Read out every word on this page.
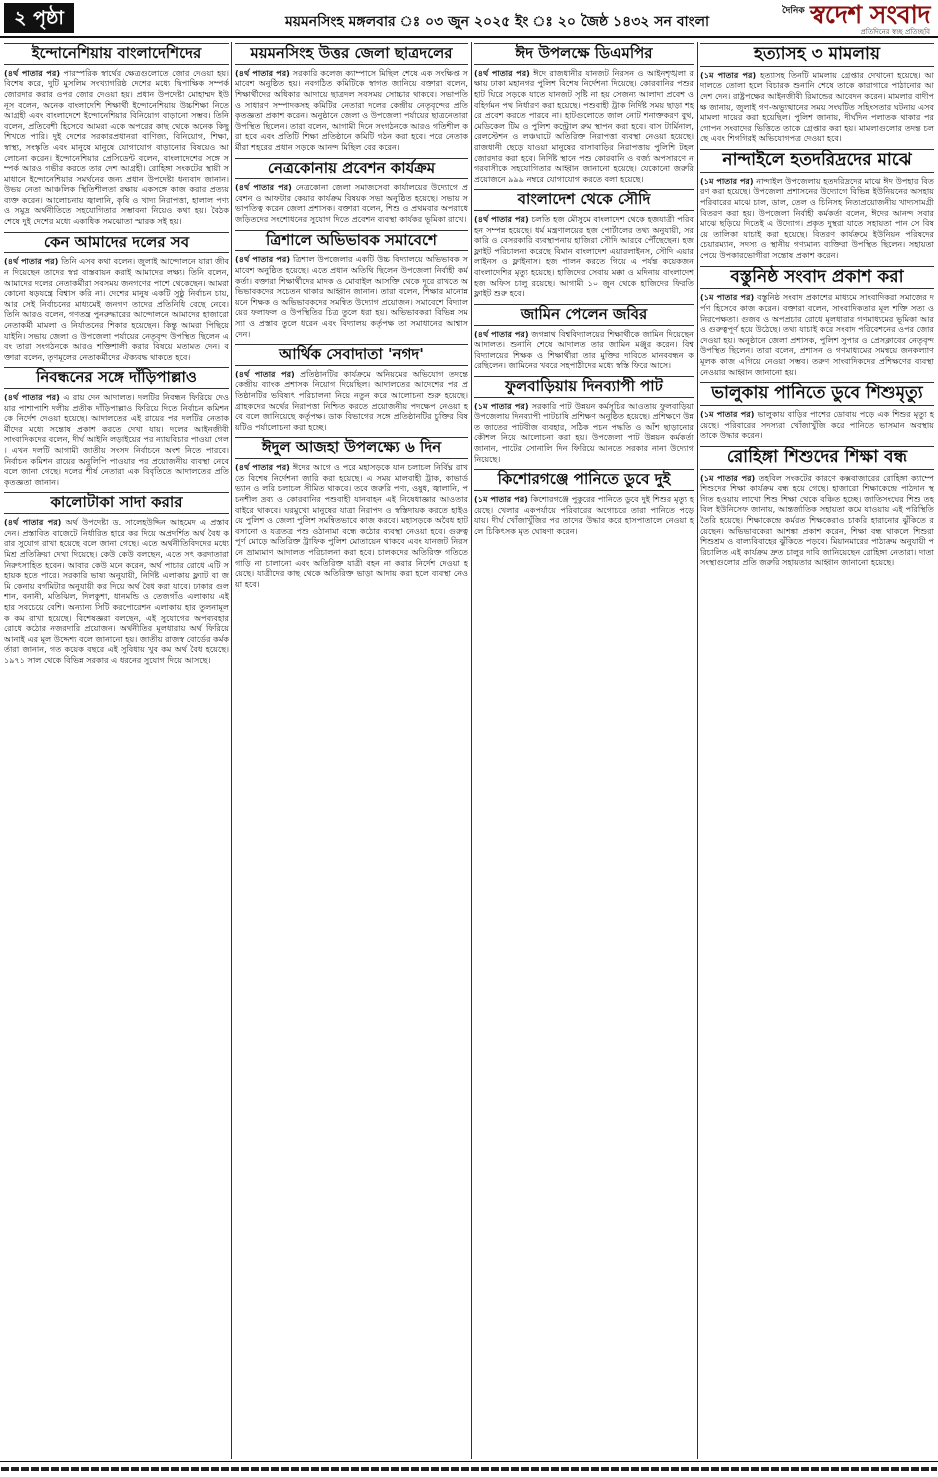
২ পৃষ্ঠা	ময়মনসিংহ মঙ্গলবার ঃ ০৩ জুন ২০২৫ ইং ঃ ২০ জৈষ্ঠ ১৪৩২ সন বাংলা
দৈনিক স্বদেশ সংবাদ
প্রতিদিনের স্বচ্ছ প্রতিচ্ছবি
ইন্দোনেশিয়ায় বাংলাদেশিদের

(৪র্থ পাতার পর) পারস্পরিক স্বার্থের ক্ষেত্রগুলোতে জোর দেওয়া হয়। বিশেষ করে, দুটি মুসলিম সংখ্যাগরিষ্ঠ দেশের মধ্যে দ্বিপাক্ষিক সম্পর্ক জোরদার করার ওপর জোর দেওয়া হয়। প্রধান উপদেষ্টা মোহাম্মদ ইউনূস বলেন, অনেক বাংলাদেশি শিক্ষার্থী ইন্দোনেশিয়ায় উচ্চশিক্ষা নিতে আগ্রহী এবং বাংলাদেশে ইন্দোনেশিয়ার বিনিয়োগ বাড়ানো সম্ভব। তিনি বলেন, প্রতিবেশী হিসেবে আমরা একে অপরের কাছ থেকে অনেক কিছু শিখতে পারি। দুই দেশের সরকারপ্রধানরা বাণিজ্য, বিনিয়োগ, শিক্ষা, স্বাস্থ্য, সংস্কৃতি এবং মানুষে মানুষে যোগাযোগ বাড়ানোর বিষয়েও আলোচনা করেন। ইন্দোনেশিয়ার প্রেসিডেন্ট বলেন, বাংলাদেশের সঙ্গে সম্পর্ক আরও গভীর করতে তার দেশ আগ্রহী। রোহিঙ্গা সংকটের স্থায়ী সমাধানে ইন্দোনেশিয়ার সমর্থনের জন্য প্রধান উপদেষ্টা ধন্যবাদ জানান। উভয় নেতা আঞ্চলিক স্থিতিশীলতা রক্ষায় একসঙ্গে কাজ করার প্রত্যয় ব্যক্ত করেন। আলোচনায় জ্বালানি, কৃষি ও খাদ্য নিরাপত্তা, হালাল পণ্য ও সমুদ্র অর্থনীতিতে সহযোগিতার সম্ভাবনা নিয়েও কথা হয়। বৈঠক শেষে দুই দেশের মধ্যে একাধিক সমঝোতা স্মারক সই হয়।

কেন আমাদের দলের সব

(৪র্থ পাতার পর) তিনি এসব কথা বলেন। জুলাই আন্দোলনে যারা জীবন দিয়েছেন তাদের স্বপ্ন বাস্তবায়ন করাই আমাদের লক্ষ্য। তিনি বলেন, আমাদের দলের নেতাকর্মীরা সবসময় জনগণের পাশে থেকেছেন। আমরা কোনো ষড়যন্ত্রে বিশ্বাস করি না। দেশের মানুষ একটি সুষ্ঠু নির্বাচন চায়, আর সেই নির্বাচনের মাধ্যমেই জনগণ তাদের প্রতিনিধি বেছে নেবে। তিনি আরও বলেন, গণতন্ত্র পুনরুদ্ধারের আন্দোলনে আমাদের হাজারো নেতাকর্মী মামলা ও নির্যাতনের শিকার হয়েছেন। কিন্তু আমরা পিছিয়ে যাইনি। সভায় জেলা ও উপজেলা পর্যায়ের নেতৃবৃন্দ উপস্থিত ছিলেন এবং তারা সংগঠনকে আরও শক্তিশালী করার বিষয়ে মতামত দেন। বক্তারা বলেন, তৃণমূলের নেতাকর্মীদের ঐক্যবদ্ধ থাকতে হবে।

নিবন্ধনের সঙ্গে দাঁড়িপাল্লাও

(৪র্থ পাতার পর) এ রায় দেন আদালত। দলটির নিবন্ধন ফিরিয়ে দেওয়ার পাশাপাশি দলীয় প্রতীক দাঁড়িপাল্লাও ফিরিয়ে দিতে নির্বাচন কমিশনকে নির্দেশ দেওয়া হয়েছে। আদালতের এই রায়ের পর দলটির নেতাকর্মীদের মধ্যে সন্তোষ প্রকাশ করতে দেখা যায়। দলের আইনজীবী সাংবাদিকদের বলেন, দীর্ঘ আইনি লড়াইয়ের পর ন্যায়বিচার পাওয়া গেল। এখন দলটি আগামী জাতীয় সংসদ নির্বাচনে অংশ নিতে পারবে। নির্বাচন কমিশন রায়ের অনুলিপি পাওয়ার পর প্রয়োজনীয় ব্যবস্থা নেবে বলে জানা গেছে। দলের শীর্ষ নেতারা এক বিবৃতিতে আদালতের প্রতি কৃতজ্ঞতা জানান।

কালোটাকা সাদা করার

(৪র্থ পাতার পর) অর্থ উপদেষ্টা ড. সালেহউদ্দিন আহমেদ এ প্রস্তাব দেন। প্রস্তাবিত বাজেটে নির্ধারিত হারে কর দিয়ে অপ্রদর্শিত অর্থ বৈধ করার সুযোগ রাখা হয়েছে বলে জানা গেছে। এতে অর্থনীতিবিদদের মধ্যে মিশ্র প্রতিক্রিয়া দেখা দিয়েছে। কেউ কেউ বলছেন, এতে সৎ করদাতারা নিরুৎসাহিত হবেন। আবার কেউ মনে করেন, অর্থ পাচার রোধে এটি সহায়ক হতে পারে। সরকারি ভাষ্য অনুযায়ী, নির্দিষ্ট এলাকায় ফ্ল্যাট বা জমি কেনায় বর্গমিটার অনুযায়ী কর দিয়ে অর্থ বৈধ করা যাবে। ঢাকার গুলশান, বনানী, মতিঝিল, দিলকুশা, ধানমন্ডি ও তেজগাঁও এলাকায় এই হার সবচেয়ে বেশি। অন্যান্য সিটি করপোরেশন এলাকায় হার তুলনামূলক কম রাখা হয়েছে। বিশেষজ্ঞরা বলছেন, এই সুযোগের অপব্যবহার রোধে কঠোর নজরদারি প্রয়োজন। অর্থনীতির মূলধারায় অর্থ ফিরিয়ে আনাই এর মূল উদ্দেশ্য বলে জানানো হয়। জাতীয় রাজস্ব বোর্ডের কর্মকর্তারা জানান, গত কয়েক বছরে এই সুবিধায় খুব কম অর্থ বৈধ হয়েছে। ১৯৭১ সাল থেকে বিভিন্ন সরকার এ ধরনের সুযোগ দিয়ে আসছে।

ময়মনসিংহ উত্তর জেলা ছাত্রদলের

(৪র্থ পাতার পর) সরকারি কলেজ ক্যাম্পাসে মিছিল শেষে এক সংক্ষিপ্ত সমাবেশ অনুষ্ঠিত হয়। নবগঠিত কমিটিকে স্বাগত জানিয়ে বক্তারা বলেন, শিক্ষার্থীদের অধিকার আদায়ে ছাত্রদল সবসময় সোচ্চার থাকবে। সভাপতি ও সাধারণ সম্পাদকসহ কমিটির নেতারা দলের কেন্দ্রীয় নেতৃবৃন্দের প্রতি কৃতজ্ঞতা প্রকাশ করেন। অনুষ্ঠানে জেলা ও উপজেলা পর্যায়ের ছাত্রনেতারা উপস্থিত ছিলেন। তারা বলেন, আগামী দিনে সংগঠনকে আরও গতিশীল করা হবে এবং প্রতিটি শিক্ষা প্রতিষ্ঠানে কমিটি গঠন করা হবে। পরে নেতাকর্মীরা শহরের প্রধান সড়কে আনন্দ মিছিল বের করেন।

নেত্রকোনায় প্রবেশন কার্যক্রম

(৪র্থ পাতার পর) নেত্রকোনা জেলা সমাজসেবা কার্যালয়ের উদ্যোগে প্রবেশন ও আফটার কেয়ার কার্যক্রম বিষয়ক সভা অনুষ্ঠিত হয়েছে। সভায় সভাপতিত্ব করেন জেলা প্রশাসক। বক্তারা বলেন, শিশু ও প্রথমবার অপরাধে জড়িতদের সংশোধনের সুযোগ দিতে প্রবেশন ব্যবস্থা কার্যকর ভূমিকা রাখে।

ত্রিশালে অভিভাবক সমাবেশে

(৪র্থ পাতার পর) ত্রিশাল উপজেলার একটি উচ্চ বিদ্যালয়ে অভিভাবক সমাবেশ অনুষ্ঠিত হয়েছে। এতে প্রধান অতিথি ছিলেন উপজেলা নির্বাহী কর্মকর্তা। বক্তারা শিক্ষার্থীদের মাদক ও মোবাইল আসক্তি থেকে দূরে রাখতে অভিভাবকদের সচেতন থাকার আহ্বান জানান। তারা বলেন, শিক্ষার মানোন্নয়নে শিক্ষক ও অভিভাবকদের সমন্বিত উদ্যোগ প্রয়োজন। সমাবেশে বিদ্যালয়ের ফলাফল ও উপস্থিতির চিত্র তুলে ধরা হয়। অভিভাবকরা বিভিন্ন সমস্যা ও প্রস্তাব তুলে ধরেন এবং বিদ্যালয় কর্তৃপক্ষ তা সমাধানের আশ্বাস দেন।

আর্থিক সেবাদাতা 'নগদ'

(৪র্থ পাতার পর) প্রতিষ্ঠানটির কার্যক্রমে অনিয়মের অভিযোগ তদন্তে কেন্দ্রীয় ব্যাংক প্রশাসক নিয়োগ দিয়েছিল। আদালতের আদেশের পর প্রতিষ্ঠানটির ভবিষ্যৎ পরিচালনা নিয়ে নতুন করে আলোচনা শুরু হয়েছে। গ্রাহকদের অর্থের নিরাপত্তা নিশ্চিত করতে প্রয়োজনীয় পদক্ষেপ নেওয়া হবে বলে জানিয়েছে কর্তৃপক্ষ। ডাক বিভাগের সঙ্গে প্রতিষ্ঠানটির চুক্তির বিষয়টিও পর্যালোচনা করা হচ্ছে।

ঈদুল আজহা উপলক্ষ্যে ৬ দিন

(৪র্থ পাতার পর) ঈদের আগে ও পরে মহাসড়কে যান চলাচল নির্বিঘ্ন রাখতে বিশেষ নির্দেশনা জারি করা হয়েছে। এ সময় মালবাহী ট্রাক, কাভার্ডভ্যান ও লরি চলাচল সীমিত থাকবে। তবে জরুরি পণ্য, ওষুধ, জ্বালানি, পচনশীল দ্রব্য ও কোরবানির পশুবাহী যানবাহন এই নিষেধাজ্ঞার আওতার বাইরে থাকবে। ঘরমুখো মানুষের যাত্রা নিরাপদ ও স্বস্তিদায়ক করতে হাইওয়ে পুলিশ ও জেলা পুলিশ সমন্বিতভাবে কাজ করবে। মহাসড়কে অবৈধ হাট বসানো ও যত্রতত্র পশু ওঠানামা বন্ধে কঠোর ব্যবস্থা নেওয়া হবে। গুরুত্বপূর্ণ মোড়ে অতিরিক্ত ট্রাফিক পুলিশ মোতায়েন থাকবে এবং যানজট নিরসনে ভ্রাম্যমাণ আদালত পরিচালনা করা হবে। চালকদের অতিরিক্ত গতিতে গাড়ি না চালানো এবং অতিরিক্ত যাত্রী বহন না করার নির্দেশ দেওয়া হয়েছে। যাত্রীদের কাছ থেকে অতিরিক্ত ভাড়া আদায় করা হলে ব্যবস্থা নেওয়া হবে।

ঈদ উপলক্ষে ডিএমপির

(৪র্থ পাতার পর) ঈদে রাজধানীর যানজট নিরসন ও আইনশৃঙ্খলা রক্ষায় ঢাকা মহানগর পুলিশ বিশেষ নির্দেশনা দিয়েছে। কোরবানির পশুর হাট ঘিরে সড়কে যাতে যানজট সৃষ্টি না হয় সেজন্য আলাদা প্রবেশ ও বহির্গমন পথ নির্ধারণ করা হয়েছে। পশুবাহী ট্রাক নির্দিষ্ট সময় ছাড়া শহরে প্রবেশ করতে পারবে না। হাটগুলোতে জাল নোট শনাক্তকরণ বুথ, মেডিকেল টিম ও পুলিশ কন্ট্রোল রুম স্থাপন করা হবে। বাস টার্মিনাল, রেলস্টেশন ও লঞ্চঘাটে অতিরিক্ত নিরাপত্তা ব্যবস্থা নেওয়া হয়েছে। রাজধানী ছেড়ে যাওয়া মানুষের বাসাবাড়ির নিরাপত্তায় পুলিশি টহল জোরদার করা হবে। নির্দিষ্ট স্থানে পশু কোরবানি ও বর্জ্য অপসারণে নগরবাসীকে সহযোগিতার আহ্বান জানানো হয়েছে। যেকোনো জরুরি প্রয়োজনে ৯৯৯ নম্বরে যোগাযোগ করতে বলা হয়েছে।

বাংলাদেশ থেকে সৌদি

(৪র্থ পাতার পর) চলতি হজ মৌসুমে বাংলাদেশ থেকে হজযাত্রী পরিবহন সম্পন্ন হয়েছে। ধর্ম মন্ত্রণালয়ের হজ পোর্টালের তথ্য অনুযায়ী, সরকারি ও বেসরকারি ব্যবস্থাপনায় হাজিরা সৌদি আরবে পৌঁছেছেন। হজ ফ্লাইট পরিচালনা করেছে বিমান বাংলাদেশ এয়ারলাইনস, সৌদি এয়ারলাইনস ও ফ্লাইনাস। হজ পালন করতে গিয়ে এ পর্যন্ত কয়েকজন বাংলাদেশির মৃত্যু হয়েছে। হাজিদের সেবায় মক্কা ও মদিনায় বাংলাদেশ হজ অফিস চালু রয়েছে। আগামী ১০ জুন থেকে হাজিদের ফিরতি ফ্লাইট শুরু হবে।

জামিন পেলেন জবির

(৪র্থ পাতার পর) জগন্নাথ বিশ্ববিদ্যালয়ের শিক্ষার্থীকে জামিন দিয়েছেন আদালত। শুনানি শেষে আদালত তার জামিন মঞ্জুর করেন। বিশ্ববিদ্যালয়ের শিক্ষক ও শিক্ষার্থীরা তার মুক্তির দাবিতে মানববন্ধন করেছিলেন। জামিনের খবরে সহপাঠীদের মধ্যে স্বস্তি ফিরে আসে।

ফুলবাড়িয়ায় দিনব্যাপী পাট

(১ম পাতার পর) সরকারি পাট উন্নয়ন কর্মসূচির আওতায় ফুলবাড়িয়া উপজেলায় দিনব্যাপী পাটচাষি প্রশিক্ষণ অনুষ্ঠিত হয়েছে। প্রশিক্ষণে উন্নত জাতের পাটবীজ ব্যবহার, সঠিক পচন পদ্ধতি ও আঁশ ছাড়ানোর কৌশল নিয়ে আলোচনা করা হয়। উপজেলা পাট উন্নয়ন কর্মকর্তা জানান, পাটের সোনালি দিন ফিরিয়ে আনতে সরকার নানা উদ্যোগ নিয়েছে।

কিশোরগঞ্জে পানিতে ডুবে দুই

(১ম পাতার পর) কিশোরগঞ্জে পুকুরের পানিতে ডুবে দুই শিশুর মৃত্যু হয়েছে। খেলার একপর্যায়ে পরিবারের অগোচরে তারা পানিতে পড়ে যায়। দীর্ঘ খোঁজাখুঁজির পর তাদের উদ্ধার করে হাসপাতালে নেওয়া হলে চিকিৎসক মৃত ঘোষণা করেন।

হত্যাসহ ৩ মামলায়

(১ম পাতার পর) হত্যাসহ তিনটি মামলায় গ্রেপ্তার দেখানো হয়েছে। আদালতে তোলা হলে বিচারক শুনানি শেষে তাকে কারাগারে পাঠানোর আদেশ দেন। রাষ্ট্রপক্ষের আইনজীবী রিমান্ডের আবেদন করেন। মামলার বাদীপক্ষ জানায়, জুলাই গণ-অভ্যুত্থানের সময় সংঘটিত সহিংসতার ঘটনায় এসব মামলা দায়ের করা হয়েছিল। পুলিশ জানায়, দীর্ঘদিন পলাতক থাকার পর গোপন সংবাদের ভিত্তিতে তাকে গ্রেপ্তার করা হয়। মামলাগুলোর তদন্ত চলছে এবং শিগগিরই অভিযোগপত্র দেওয়া হবে।

নান্দাইলে হতদরিদ্রদের মাঝে

(১ম পাতার পর) নান্দাইল উপজেলায় হতদরিদ্রদের মাঝে ঈদ উপহার বিতরণ করা হয়েছে। উপজেলা প্রশাসনের উদ্যোগে বিভিন্ন ইউনিয়নের অসহায় পরিবারের মাঝে চাল, ডাল, তেল ও চিনিসহ নিত্যপ্রয়োজনীয় খাদ্যসামগ্রী বিতরণ করা হয়। উপজেলা নির্বাহী কর্মকর্তা বলেন, ঈদের আনন্দ সবার মাঝে ছড়িয়ে দিতেই এ উদ্যোগ। প্রকৃত দুস্থরা যাতে সহায়তা পান সে বিষয়ে তালিকা যাচাই করা হয়েছে। বিতরণ কার্যক্রমে ইউনিয়ন পরিষদের চেয়ারম্যান, সদস্য ও স্থানীয় গণ্যমান্য ব্যক্তিরা উপস্থিত ছিলেন। সহায়তা পেয়ে উপকারভোগীরা সন্তোষ প্রকাশ করেন।

বস্তুনিষ্ঠ সংবাদ প্রকাশ করা

(১ম পাতার পর) বস্তুনিষ্ঠ সংবাদ প্রকাশের মাধ্যমে সাংবাদিকরা সমাজের দর্পণ হিসেবে কাজ করেন। বক্তারা বলেন, সাংবাদিকতার মূল শক্তি সত্য ও নিরপেক্ষতা। গুজব ও অপপ্রচার রোধে মূলধারার গণমাধ্যমের ভূমিকা আরও গুরুত্বপূর্ণ হয়ে উঠেছে। তথ্য যাচাই করে সংবাদ পরিবেশনের ওপর জোর দেওয়া হয়। অনুষ্ঠানে জেলা প্রশাসক, পুলিশ সুপার ও প্রেসক্লাবের নেতৃবৃন্দ উপস্থিত ছিলেন। তারা বলেন, প্রশাসন ও গণমাধ্যমের সমন্বয়ে জনকল্যাণমূলক কাজ এগিয়ে নেওয়া সম্ভব। তরুণ সাংবাদিকদের প্রশিক্ষণের ব্যবস্থা নেওয়ার আহ্বান জানানো হয়।

ভালুকায় পানিতে ডুবে শিশুমৃত্যু

(১ম পাতার পর) ভালুকায় বাড়ির পাশের ডোবায় পড়ে এক শিশুর মৃত্যু হয়েছে। পরিবারের সদস্যরা খোঁজাখুঁজি করে পানিতে ভাসমান অবস্থায় তাকে উদ্ধার করেন।

রোহিঙ্গা শিশুদের শিক্ষা বন্ধ

(১ম পাতার পর) তহবিল সংকটের কারণে কক্সবাজারের রোহিঙ্গা ক্যাম্পে শিশুদের শিক্ষা কার্যক্রম বন্ধ হয়ে গেছে। হাজারো শিক্ষাকেন্দ্রে পাঠদান স্থগিত হওয়ায় লাখো শিশু শিক্ষা থেকে বঞ্চিত হচ্ছে। জাতিসংঘের শিশু তহবিল ইউনিসেফ জানায়, আন্তর্জাতিক সহায়তা কমে যাওয়ায় এই পরিস্থিতি তৈরি হয়েছে। শিক্ষাকেন্দ্রে কর্মরত শিক্ষকেরাও চাকরি হারানোর ঝুঁকিতে রয়েছেন। অভিভাবকেরা আশঙ্কা প্রকাশ করেন, শিক্ষা বন্ধ থাকলে শিশুরা শিশুশ্রম ও বাল্যবিবাহের ঝুঁকিতে পড়বে। মিয়ানমারের পাঠ্যক্রম অনুযায়ী পরিচালিত এই কার্যক্রম দ্রুত চালুর দাবি জানিয়েছেন রোহিঙ্গা নেতারা। দাতা সংস্থাগুলোর প্রতি জরুরি সহায়তার আহ্বান জানানো হয়েছে।
